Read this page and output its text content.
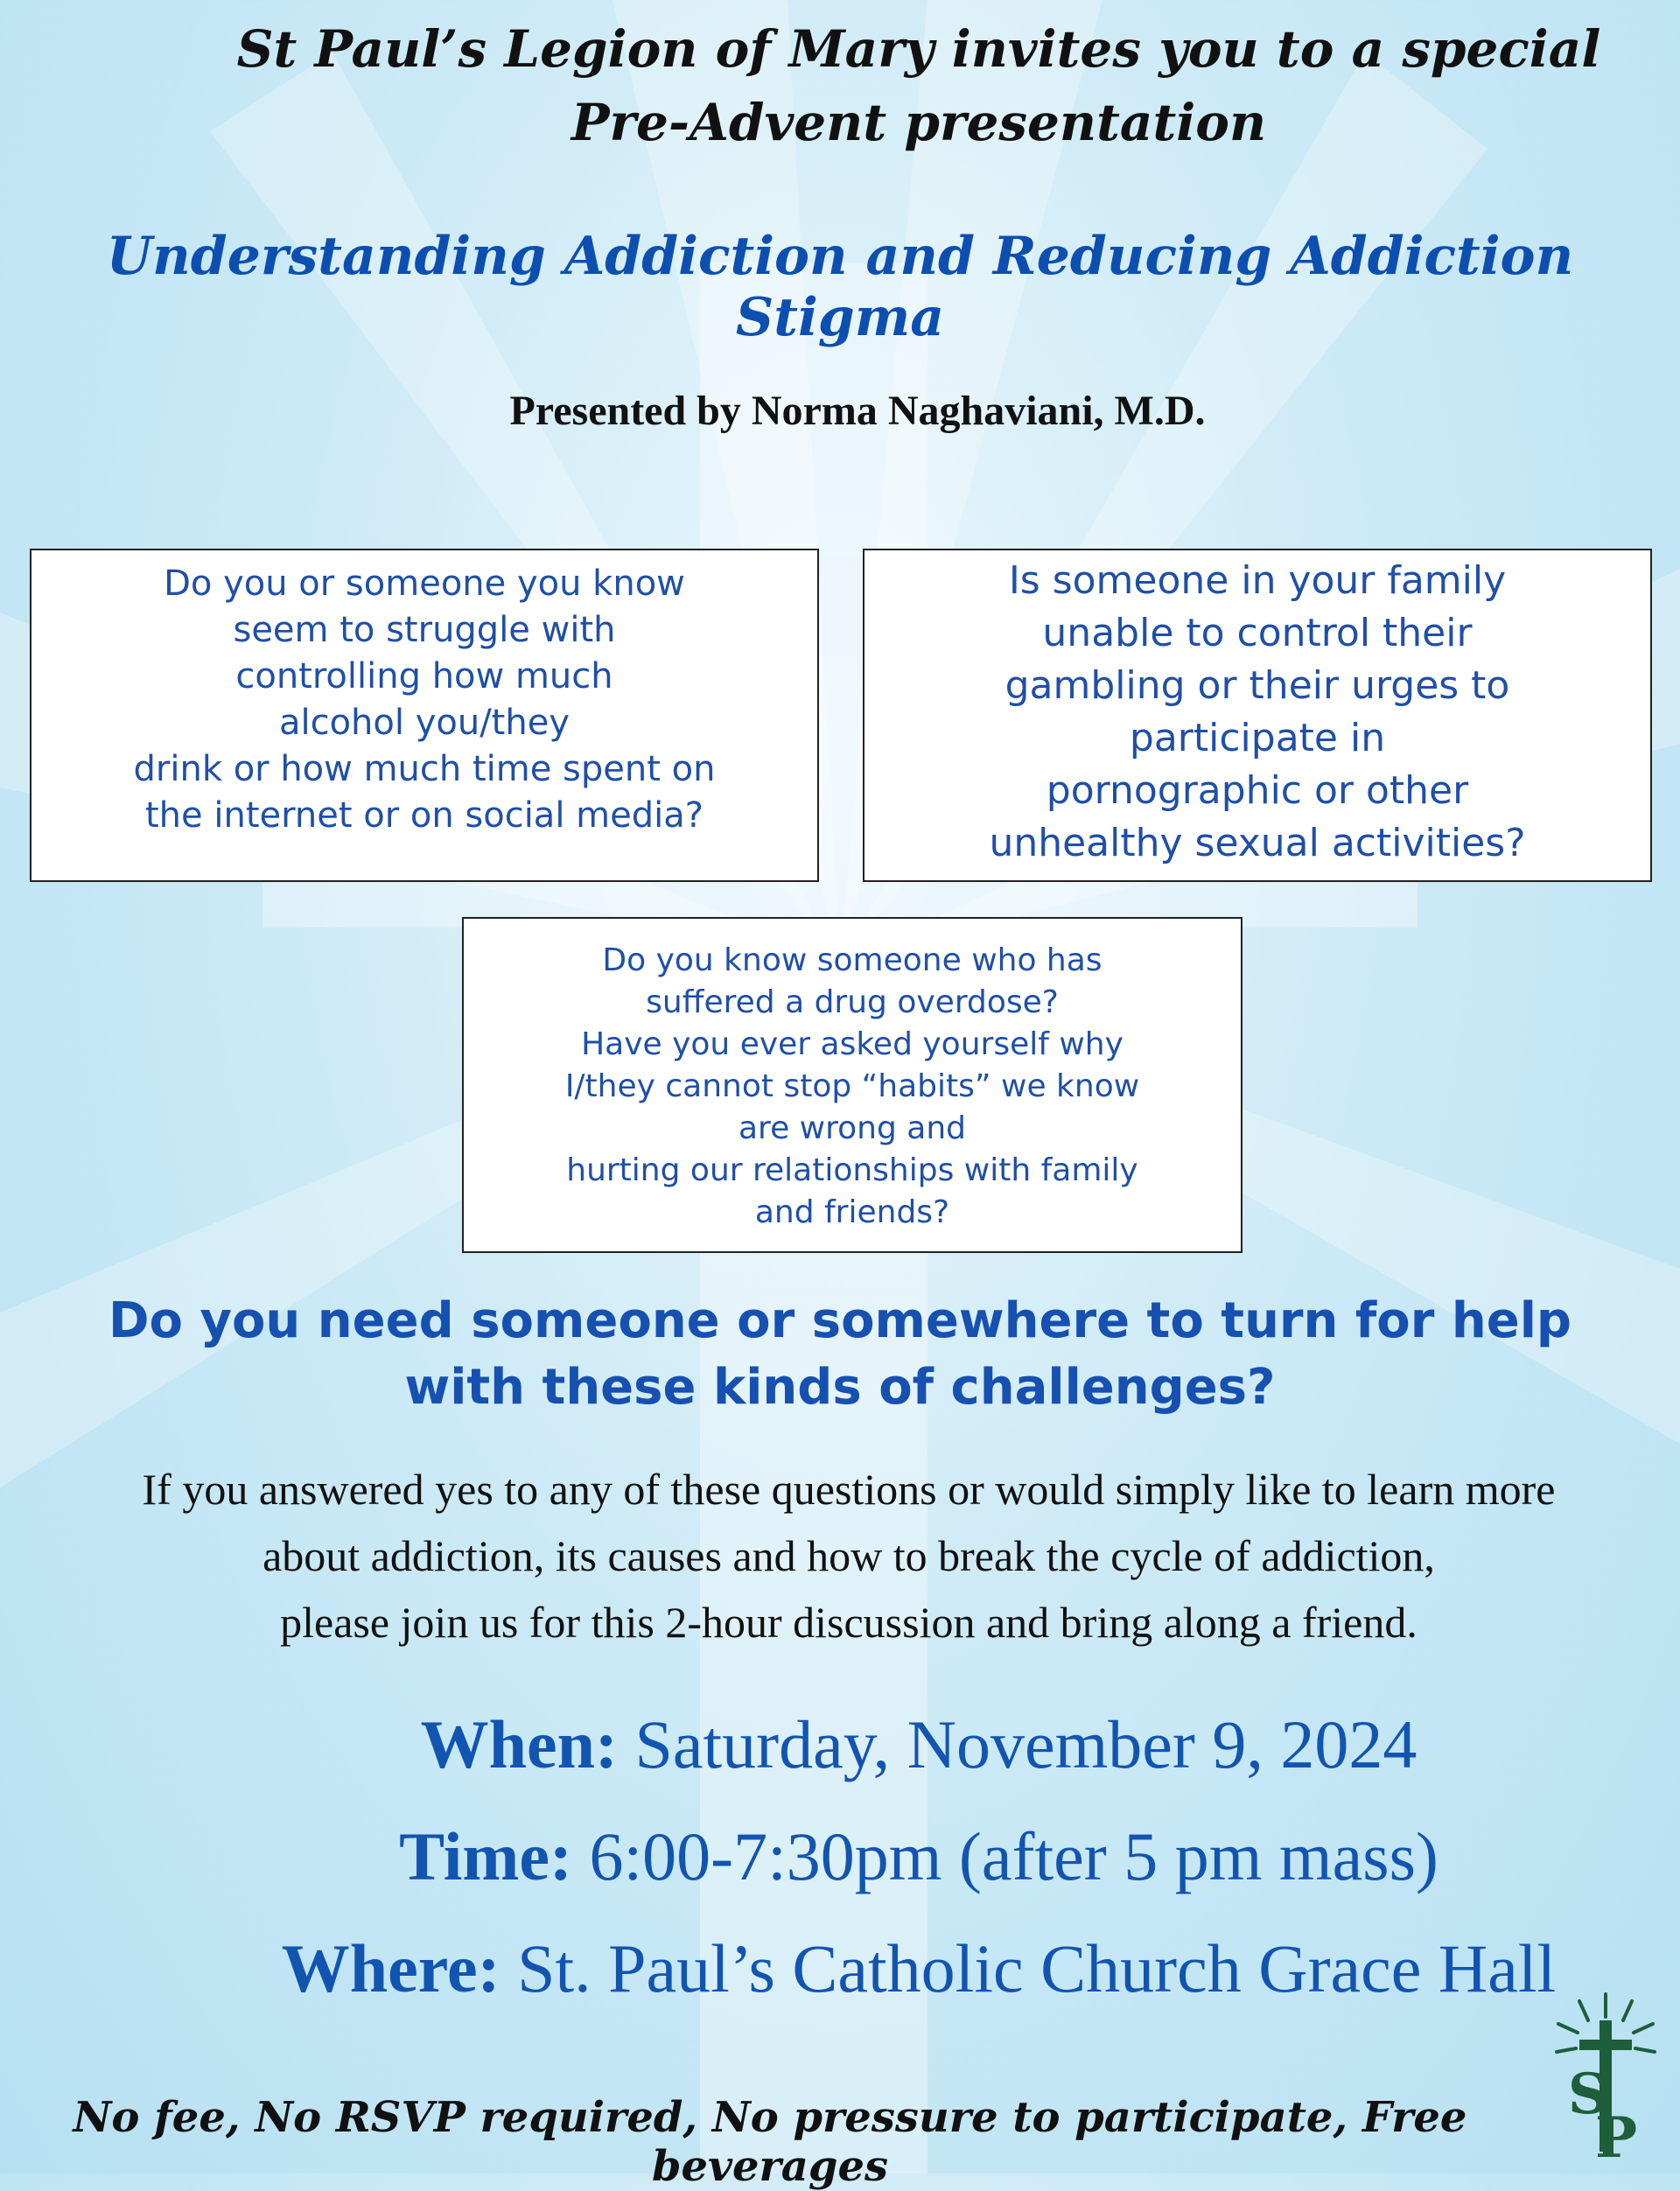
St Paul’s Legion of Mary invites you to a special
Pre-Advent presentation
Understanding Addiction and Reducing Addiction Stigma
Presented by Norma Naghaviani, M.D.
Do you or someone you know
seem to struggle with
controlling how much
alcohol you/they
drink or how much time spent on
the internet or on social media?
Is someone in your family
unable to control their
gambling or their urges to
participate in
pornographic or other
unhealthy sexual activities?
Do you know someone who has
suffered a drug overdose?
Have you ever asked yourself why
I/they cannot stop “habits” we know
are wrong and
hurting our relationships with family
and friends?
Do you need someone or somewhere to turn for help
with these kinds of challenges?
If you answered yes to any of these questions or would simply like to learn more
about addiction, its causes and how to break the cycle of addiction,
please join us for this 2-hour discussion and bring along a friend.
When: Saturday, November 9, 2024
Time: 6:00-7:30pm (after 5 pm mass)
Where: St. Paul’s Catholic Church Grace Hall
No fee, No RSVP required, No pressure to participate, Free beverages
S
P
